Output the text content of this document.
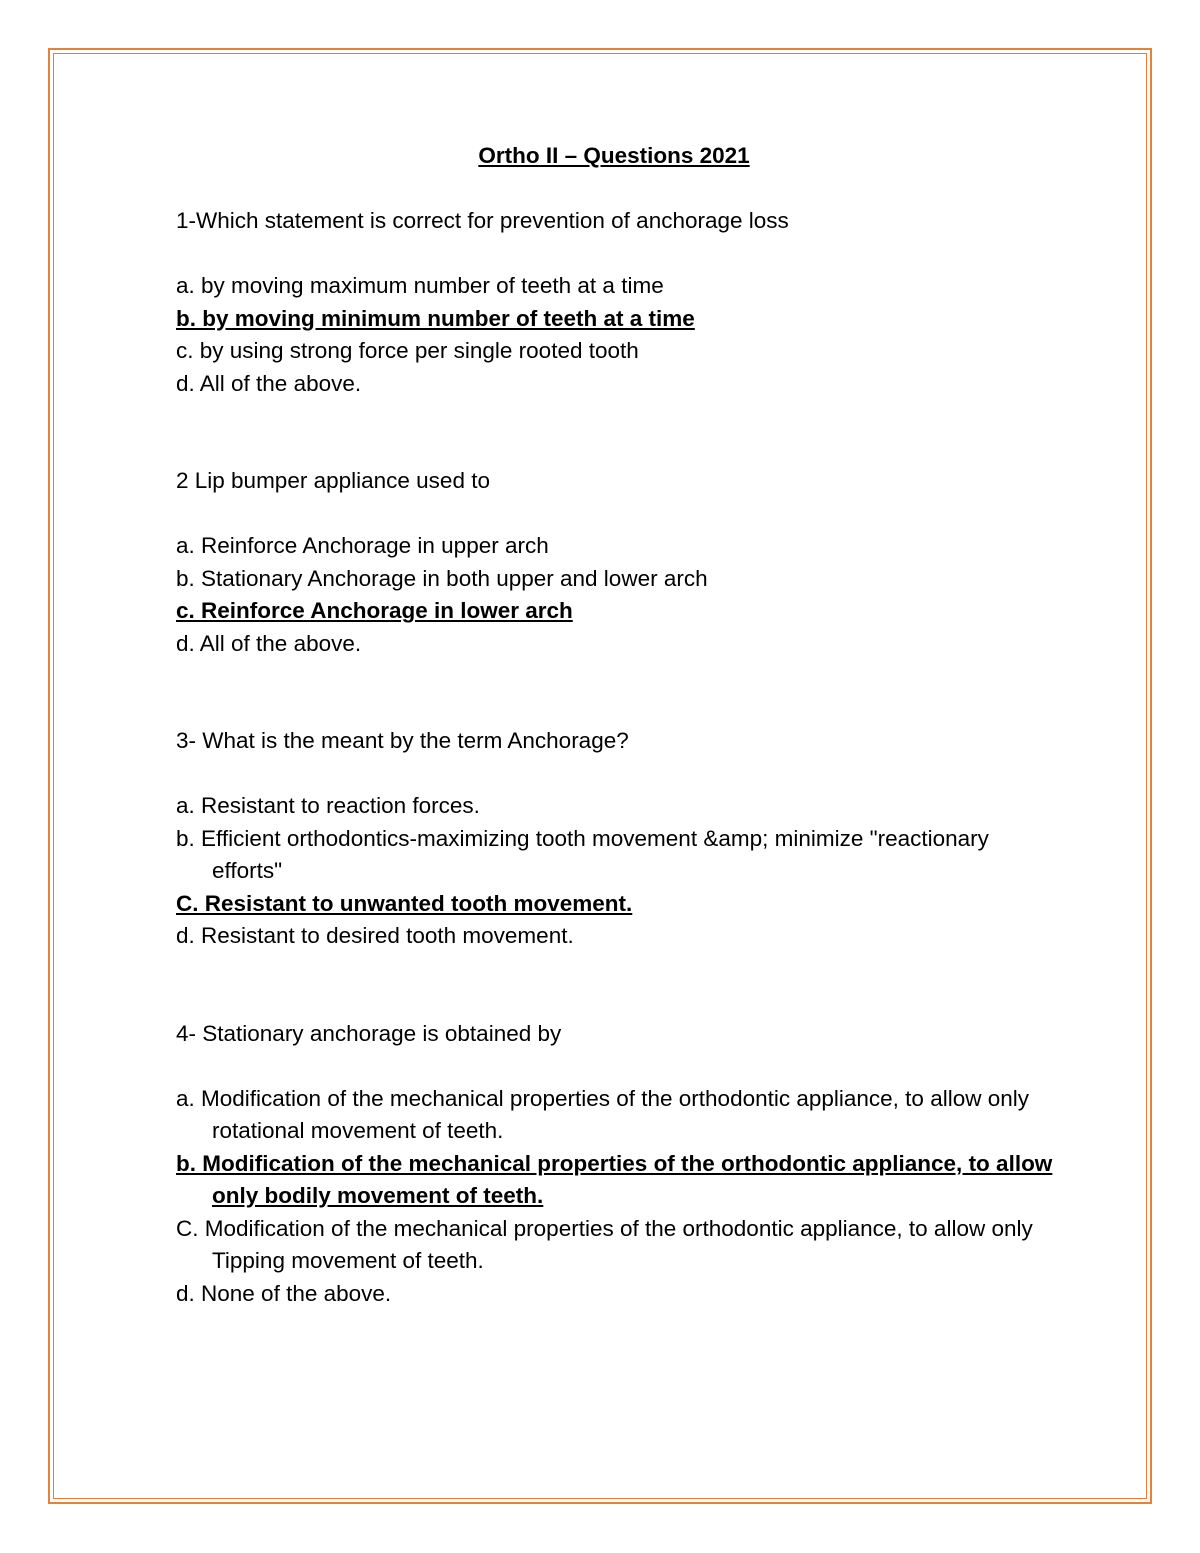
Ortho II – Questions 2021

1-Which statement is correct for prevention of anchorage loss

a. by moving maximum number of teeth at a time

b. by moving minimum number of teeth at a time

c. by using strong force per single rooted tooth

d. All of the above.

2 Lip bumper appliance used to

a. Reinforce Anchorage in upper arch

b. Stationary Anchorage in both upper and lower arch

c. Reinforce Anchorage in lower arch

d. All of the above.

3- What is the meant by the term Anchorage?

a. Resistant to reaction forces.

b. Efficient orthodontics-maximizing tooth movement &amp; minimize "reactionary efforts"

C. Resistant to unwanted tooth movement.

d. Resistant to desired tooth movement.

4- Stationary anchorage is obtained by

a. Modification of the mechanical properties of the orthodontic appliance, to allow only rotational movement of teeth.

b. Modification of the mechanical properties of the orthodontic appliance, to allow only bodily movement of teeth.

C. Modification of the mechanical properties of the orthodontic appliance, to allow only Tipping movement of teeth.

d. None of the above.
